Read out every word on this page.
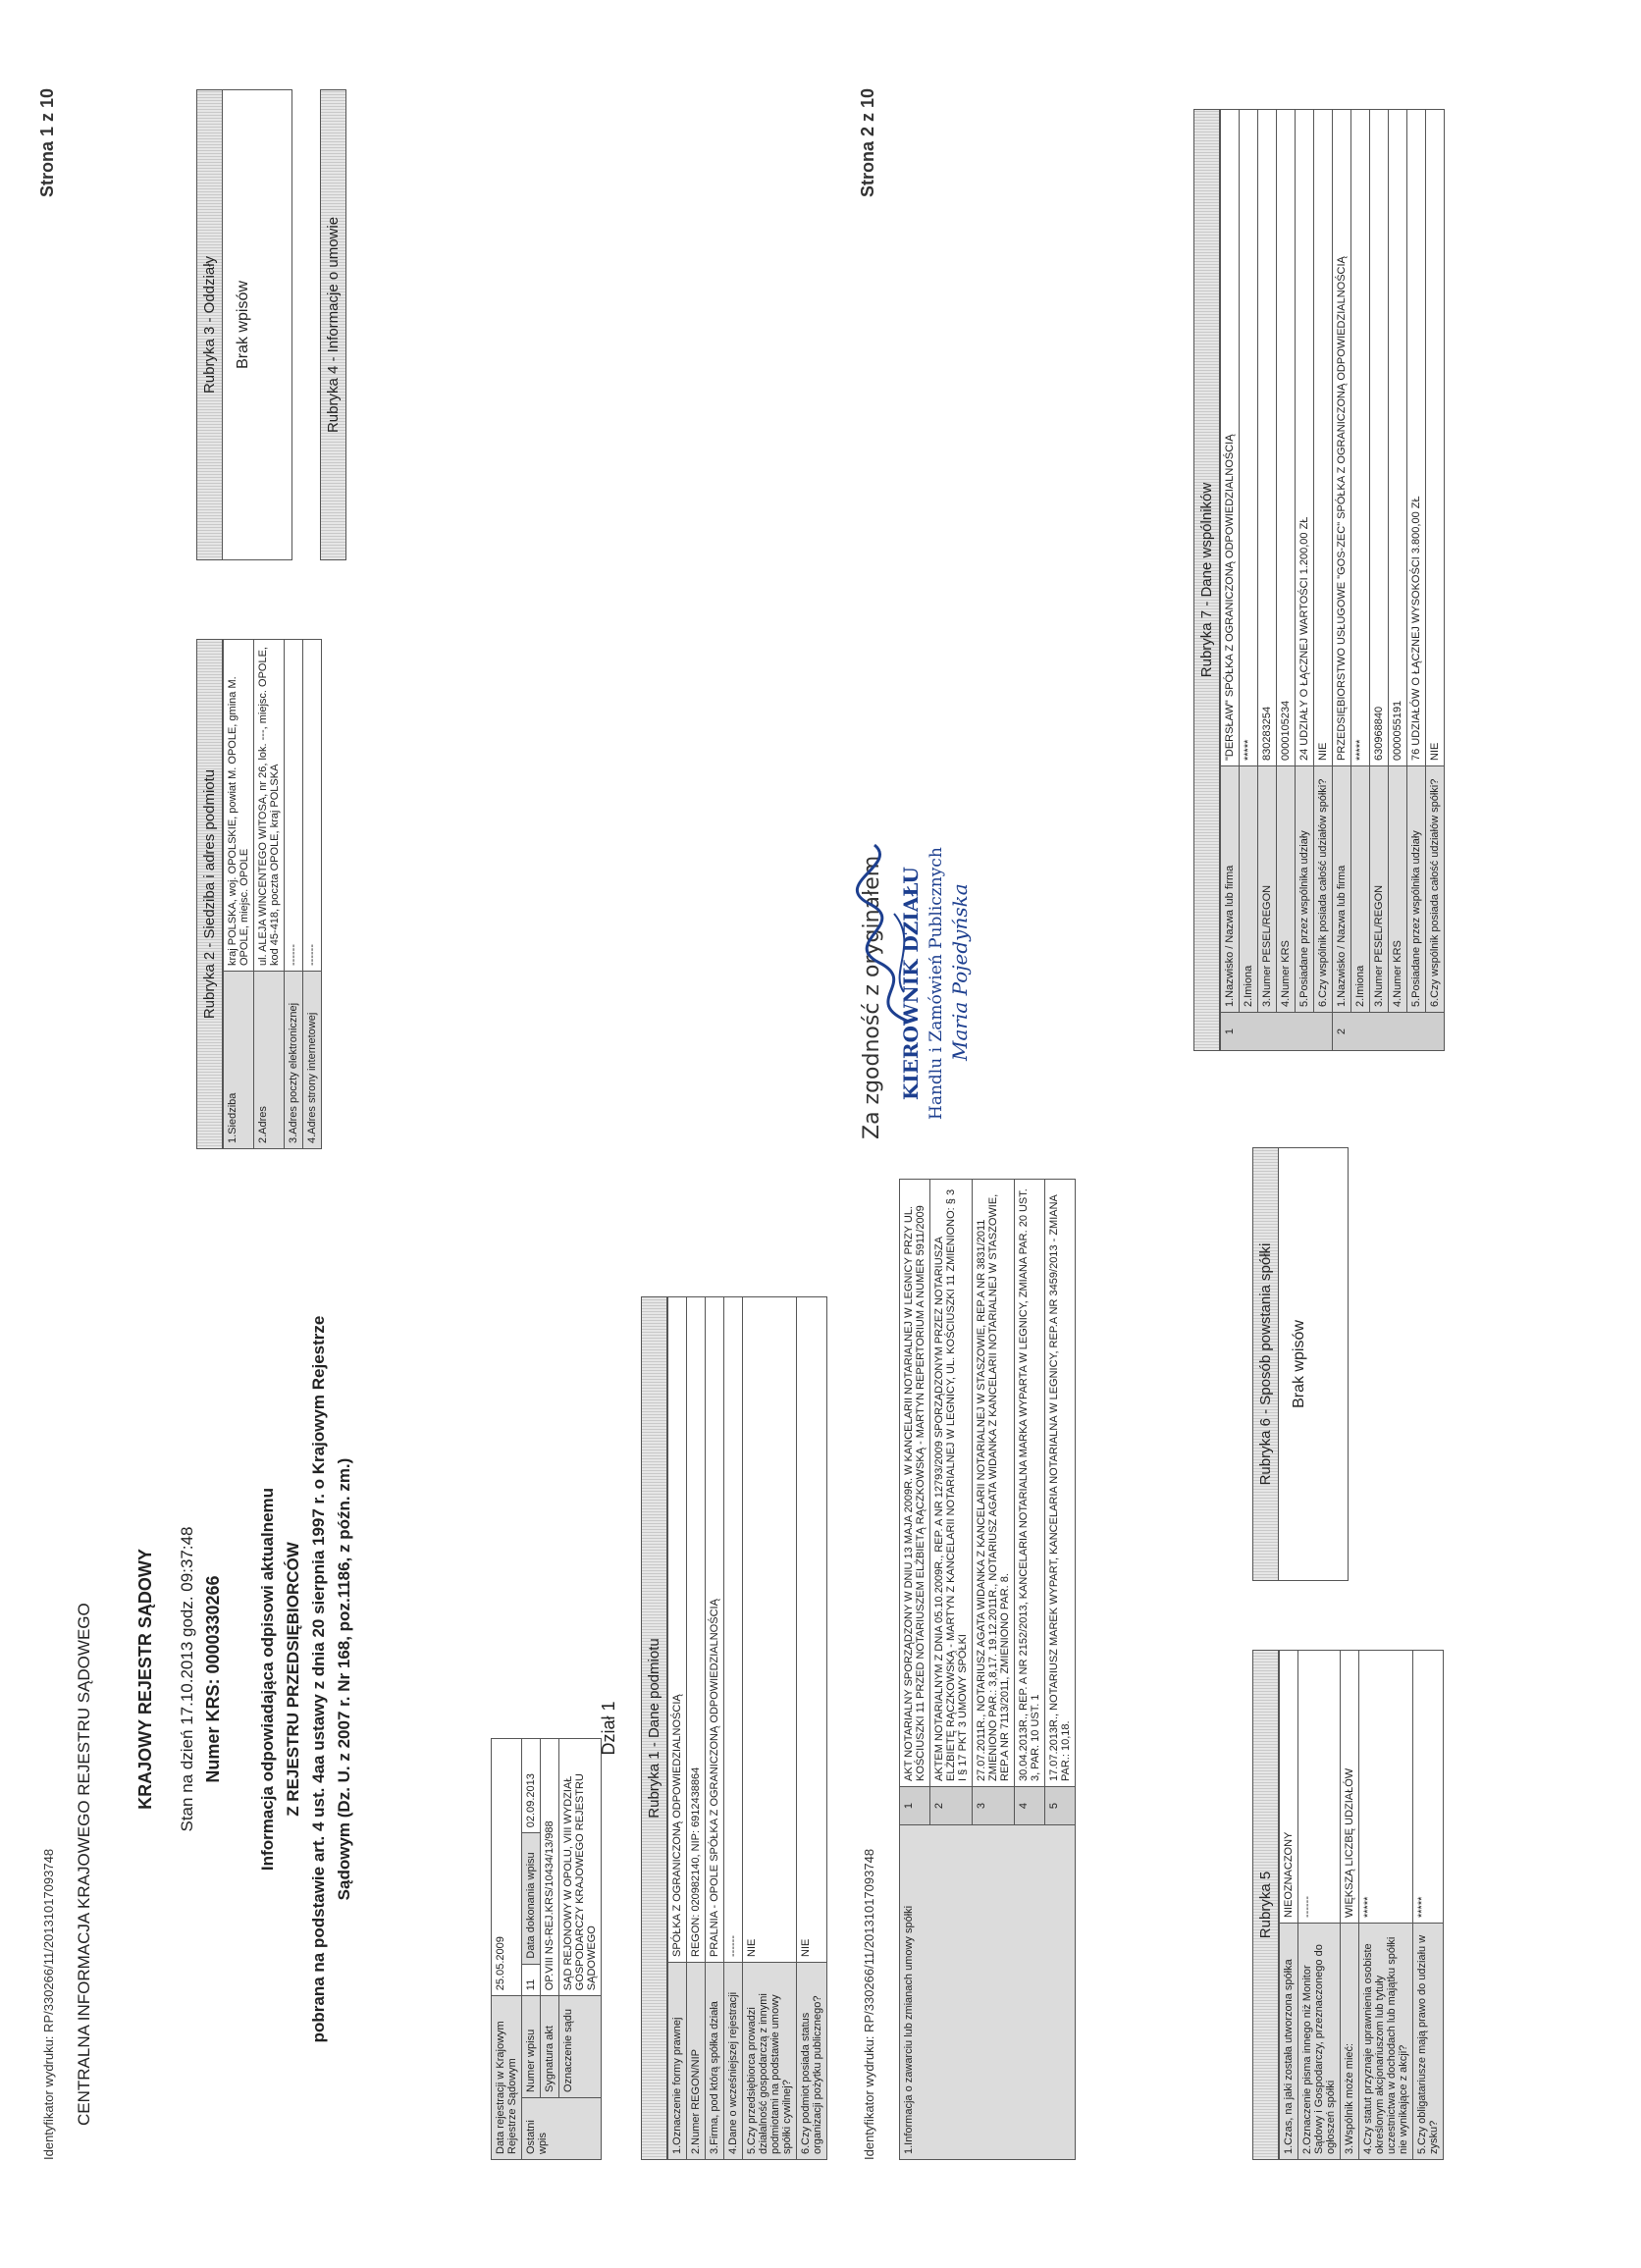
Identyfikator wydruku: RP/330266/11/20131017093748
Strona 1 z 10
CENTRALNA INFORMACJA KRAJOWEGO REJESTRU SĄDOWEGO KRAJOWY REJESTR SĄDOWY Stan na dzień 17.10.2013 godz. 09:37:48 Numer KRS: 0000330266 Informacja odpowiadająca odpisowi aktualnemu Z REJESTRU PRZEDSIĘBIORCÓW pobrana na podstawie art. 4 ust. 4aa ustawy z dnia 20 sierpnia 1997 r. o Krajowym Rejestrze Sądowym (Dz. U. z 2007 r. Nr 168, poz.1186, z późn. zm.)
Data rejestracji w Krajowym Rejestrze Sądowym		25.05.2009		
Ostatni wpis	Numer wpisu	11	Data dokonania wpisu	02.09.2013
	Sygnatura akt	OP.VIII NS-REJ.KRS/10434/13/988		
	Oznaczenie sądu	SĄD REJONOWY W OPOLU, VIII WYDZIAŁ GOSPODARCZY KRAJOWEGO REJESTRU SĄDOWEGO		
Dział 1	Rubryka 1 - Dane podmiotu
1.Oznaczenie formy prawnej	SPÓŁKA Z OGRANICZONĄ ODPOWIEDZIALNOŚCIĄ
2.Numer REGON/NIP	REGON: 020982140, NIP: 6912438864
3.Firma, pod którą spółka działa	PRALNIA - OPOLE SPÓŁKA Z OGRANICZONĄ ODPOWIEDZIALNOŚCIĄ
4.Dane o wcześniejszej rejestracji	------
5.Czy przedsiębiorca prowadzi działalność gospodarczą z innymi podmiotami na podstawie umowy spółki cywilnej?	NIE
6.Czy podmiot posiada status organizacji pożytku publicznego?	NIE
Rubryka 2 - Siedziba i adres podmiotu
1.Siedziba	kraj POLSKA, woj. OPOLSKIE, powiat M. OPOLE, gmina M. OPOLE, miejsc. OPOLE
2.Adres	ul. ALEJA WINCENTEGO WITOSA, nr 26, lok. ---, miejsc. OPOLE, kod 45-418, poczta OPOLE, kraj POLSKA
3.Adres poczty elektronicznej	------
4.Adres strony internetowej	------
Rubryka 3 - Oddziały	Brak wpisów	Rubryka 4 - Informacje o umowie
Identyfikator wydruku: RP/330266/11/20131017093748
Strona 2 z 10
1.Informacja o zawarciu lub zmianach umowy spółki	1	AKT NOTARIALNY SPORZĄDZONY W DNIU 13 MAJA 2009R. W KANCELARII NOTARIALNEJ W LEGNICY PRZY UL. KOŚCIUSZKI 11 PRZED NOTARIUSZEM ELŻBIETĄ RĄCZKOWSKĄ - MARTYN REPERTORIUM A NUMER 5911/2009
	2	AKTEM NOTARIALNYM Z DNIA 05.10.2009R., REP. A NR 12793/2009 SPORZĄDZONYM PRZEZ NOTARIUSZA ELŻBIETĘ RĄCZKOWSKĄ - MARTYN Z KANCELARII NOTARIALNEJ W LEGNICY, UL. KOŚCIUSZKI 11 ZMIENIONO: § 3 I § 17 PKT 3 UMOWY SPÓŁKI
	3	27.07.2011R., NOTARIUSZ AGATA WIDANKA Z KANCELARII NOTARIALNEJ W STASZOWIE, REP.A NR 3831/2011 ZMIENIONO PAR.: 3,8,17. 19.12.2011R., NOTARIUSZ AGATA WIDANKA Z KANCELARII NOTARIALNEJ W STASZOWIE, REP.A NR 7113/2011, ZMIENIONO PAR. 8.
	4	30.04.2013R., REP. A NR 2152/2013, KANCELARIA NOTARIALNA MARKA WYPARTA W LEGNICY, ZMIANA PAR. 20 UST. 3, PAR. 10 UST. 1
	5	17.07.2013R., NOTARIUSZ MAREK WYPART, KANCELARIA NOTARIALNA W LEGNICY, REP.A NR 3459/2013 - ZMIANA PAR.: 10,18.
Rubryka 5
1.Czas, na jaki została utworzona spółka	NIEOZNACZONY
2.Oznaczenie pisma innego niż Monitor Sądowy i Gospodarczy, przeznaczonego do ogłoszeń spółki	------
3.Wspólnik może mieć:	WIĘKSZĄ LICZBĘ UDZIAŁÓW
4.Czy statut przyznaje uprawnienia osobiste określonym akcjonariuszom lub tytuły uczestnictwa w dochodach lub majątku spółki nie wynikające z akcji?	*****
5.Czy obligatariusze mają prawo do udziału w zysku?	*****
Rubryka 6 - Sposób powstania spółki	Brak wpisów
Rubryka 7 - Dane wspólników
1	1.Nazwisko / Nazwa lub firma	"DERSŁAW" SPÓŁKA Z OGRANICZONĄ ODPOWIEDZIALNOŚCIĄ
	2.Imiona	*****
	3.Numer PESEL/REGON	830283254
	4.Numer KRS	0000105234
	5.Posiadane przez wspólnika udziały	24 UDZIAŁY O ŁĄCZNEJ WARTOŚCI 1.200,00 ZŁ
	6.Czy wspólnik posiada całość udziałów spółki?	NIE
2	1.Nazwisko / Nazwa lub firma	PRZEDSIĘBIORSTWO USŁUGOWE "GOS-ZEC" SPÓŁKA Z OGRANICZONĄ ODPOWIEDZIALNOŚCIĄ
	2.Imiona	*****
	3.Numer PESEL/REGON	630968840
	4.Numer KRS	0000055191
	5.Posiadane przez wspólnika udziały	76 UDZIAŁÓW O ŁĄCZNEJ WYSOKOŚCI 3.800,00 ZŁ
	6.Czy wspólnik posiada całość udziałów spółki?	NIE
Za zgodność z oryginałem KIEROWNIK DZIAŁU Handlu i Zamówień Publicznych Maria Pojedyńska
